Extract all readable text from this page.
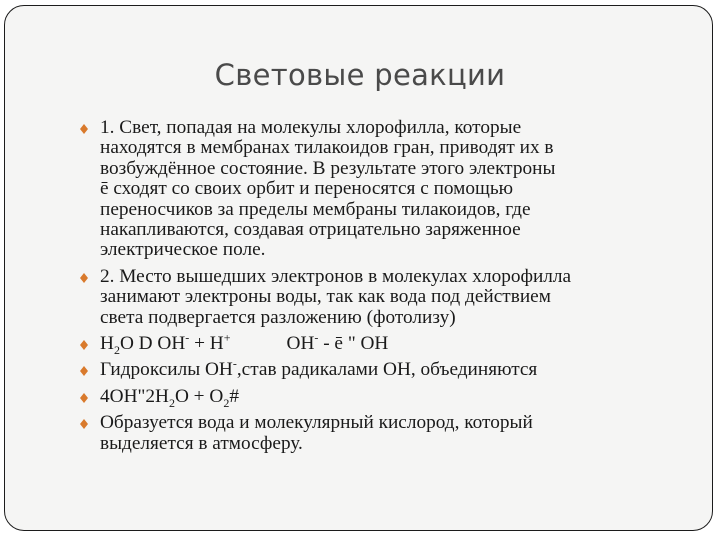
Световые реакции
1. Свет, попадая на молекулы хлорофилла, которые
находятся в мембранах тилакоидов гран, приводят их в
возбуждённое состояние. В результате этого электроны
ē сходят со своих орбит и переносятся с помощью
переносчиков за пределы мембраны тилакоидов, где
накапливаются, создавая отрицательно заряженное
электрическое поле.
2. Место вышедших электронов в молекулах хлорофилла
занимают электроны воды, так как вода под действием
света подвергается разложению (фотолизу)
$H_2O$ D OH- + H+	OH- - ē " OH
Гидроксилы ОН-,став радикалами ОН, объединяются
$4OH"2H_2O$ + $O_2\#$
Образуется вода и молекулярный кислород, который
выделяется в атмосферу.
